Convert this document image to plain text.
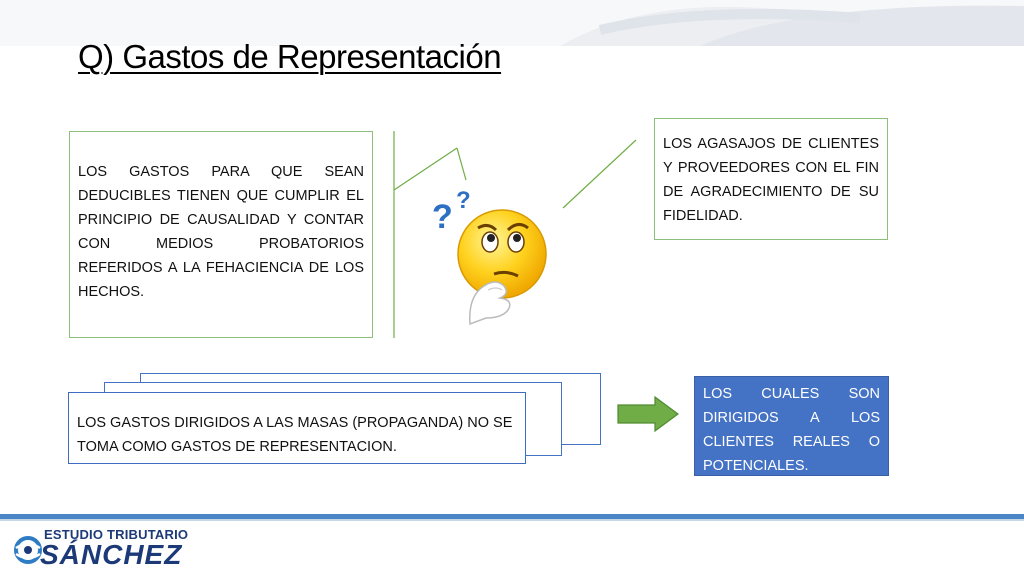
Q) Gastos de Representación
LOS GASTOS PARA QUE SEAN DEDUCIBLES TIENEN QUE CUMPLIR EL PRINCIPIO DE CAUSALIDAD Y CONTAR CON MEDIOS PROBATORIOS REFERIDOS A LA FEHACIENCIA DE LOS HECHOS.
LOS AGASAJOS DE CLIENTES Y PROVEEDORES CON EL FIN DE AGRADECIMIENTO DE SU FIDELIDAD.
? ?
LOS GASTOS DIRIGIDOS A LAS MASAS (PROPAGANDA) NO SE TOMA COMO GASTOS DE REPRESENTACION.
LOS CUALES SON DIRIGIDOS A LOS CLIENTES REALES O POTENCIALES.
ESTUDIO TRIBUTARIO
SÁNCHEZ
